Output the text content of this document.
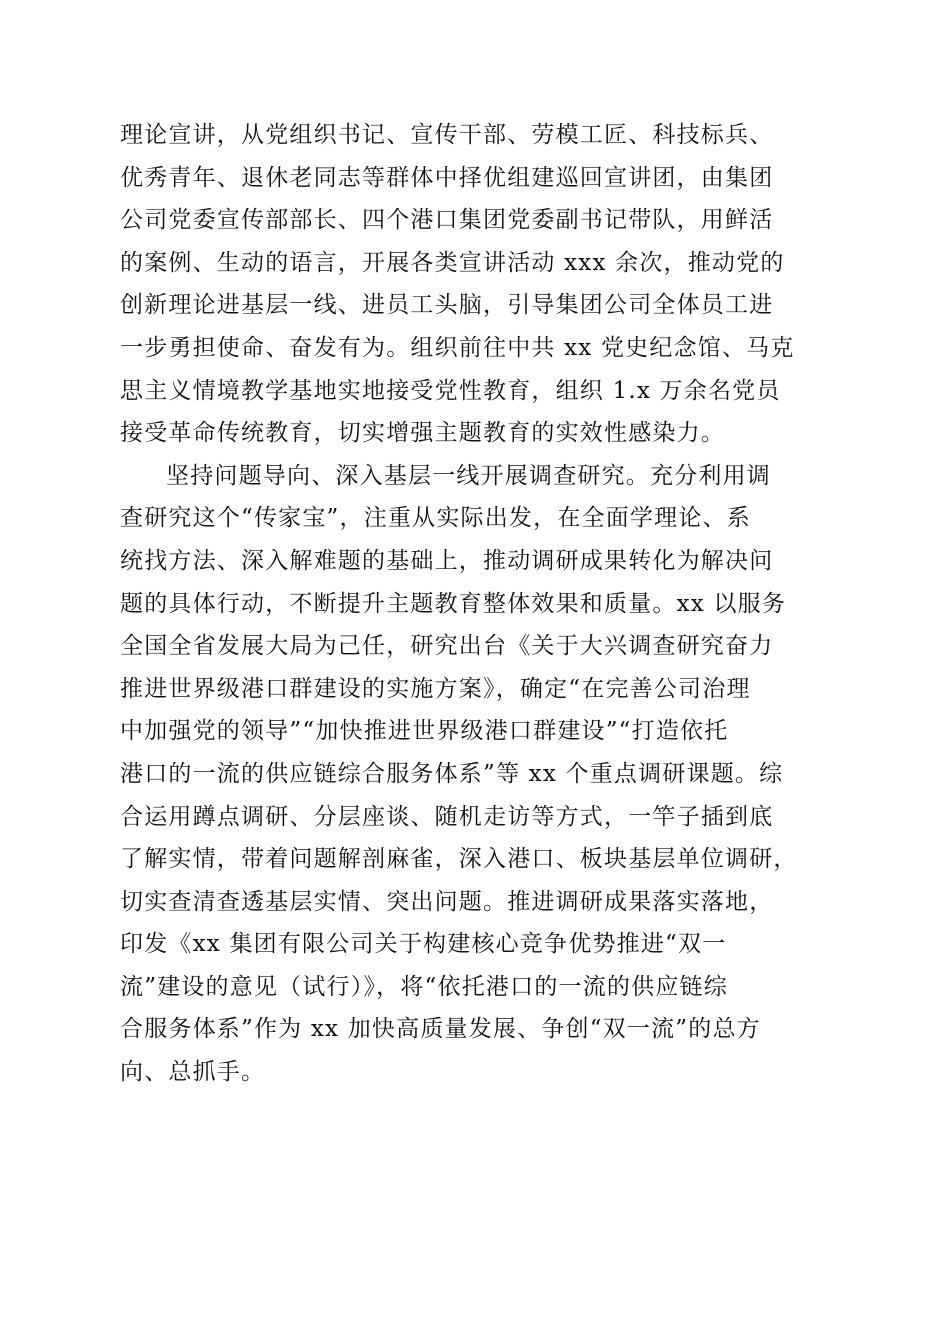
理论宣讲，从党组织书记、宣传干部、劳模工匠、科技标兵、
优秀青年、退休老同志等群体中择优组建巡回宣讲团，由集团
公司党委宣传部部长、四个港口集团党委副书记带队，用鲜活
的案例、生动的语言，开展各类宣讲活动 xxx 余次，推动党的
创新理论进基层一线、进员工头脑，引导集团公司全体员工进
一步勇担使命、奋发有为。组织前往中共 xx 党史纪念馆、马克
思主义情境教学基地实地接受党性教育，组织 1.x 万余名党员
接受革命传统教育，切实增强主题教育的实效性感染力。
坚持问题导向、深入基层一线开展调查研究。充分利用调
查研究这个“传家宝”，注重从实际出发，在全面学理论、系
统找方法、深入解难题的基础上，推动调研成果转化为解决问
题的具体行动，不断提升主题教育整体效果和质量。xx 以服务
全国全省发展大局为己任，研究出台《关于大兴调查研究奋力
推进世界级港口群建设的实施方案》，确定“在完善公司治理
中加强党的领导”“加快推进世界级港口群建设”“打造依托
港口的一流的供应链综合服务体系”等 xx 个重点调研课题。综
合运用蹲点调研、分层座谈、随机走访等方式，一竿子插到底
了解实情，带着问题解剖麻雀，深入港口、板块基层单位调研，
切实查清查透基层实情、突出问题。推进调研成果落实落地，
印发《xx 集团有限公司关于构建核心竞争优势推进“双一
流”建设的意见（试行）》，将“依托港口的一流的供应链综
合服务体系”作为 xx 加快高质量发展、争创“双一流”的总方
向、总抓手。
